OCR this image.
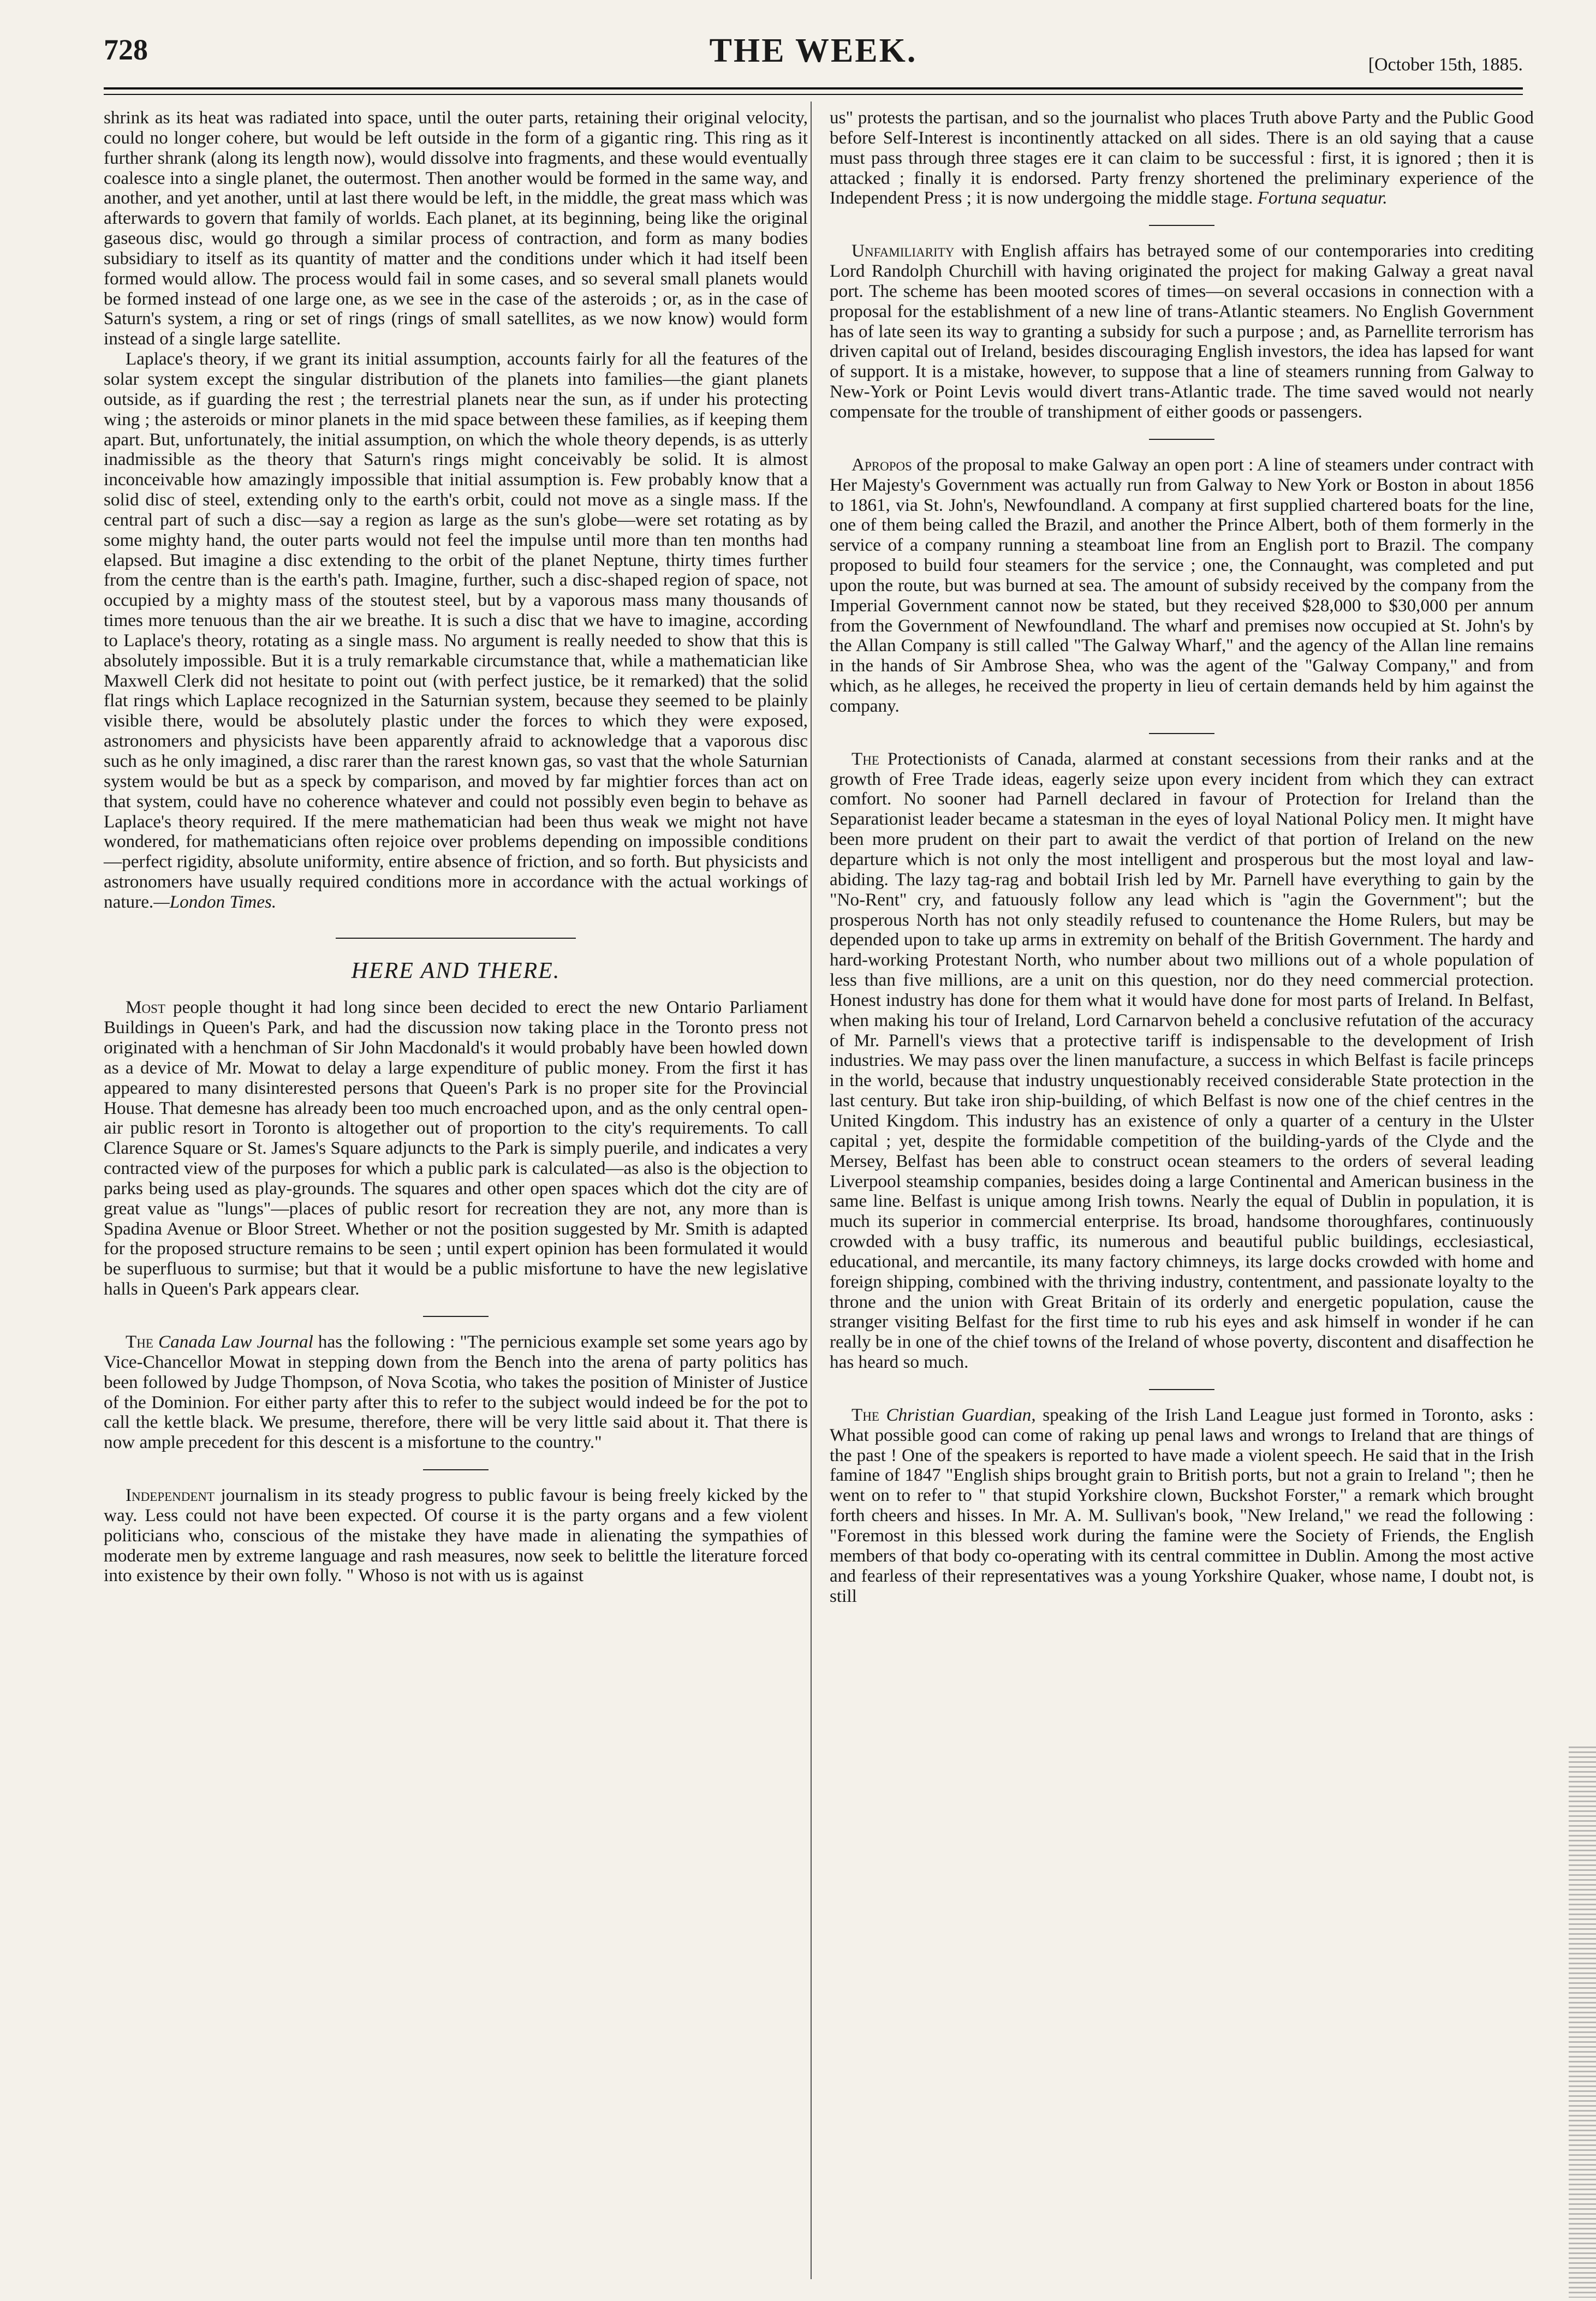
728	THE WEEK.	[October 15th, 1885.

shrink as its heat was radiated into space, until the outer parts, retaining their original velocity, could no longer cohere, but would be left outside in the form of a gigantic ring. This ring as it further shrank (along its length now), would dissolve into fragments, and these would eventually coalesce into a single planet, the outermost. Then another would be formed in the same way, and another, and yet another, until at last there would be left, in the middle, the great mass which was afterwards to govern that family of worlds. Each planet, at its beginning, being like the original gaseous disc, would go through a similar process of contraction, and form as many bodies subsidiary to itself as its quantity of matter and the conditions under which it had itself been formed would allow. The process would fail in some cases, and so several small planets would be formed instead of one large one, as we see in the case of the asteroids ; or, as in the case of Saturn's system, a ring or set of rings (rings of small satellites, as we now know) would form instead of a single large satellite.

Laplace's theory, if we grant its initial assumption, accounts fairly for all the features of the solar system except the singular distribution of the planets into families—the giant planets outside, as if guarding the rest ; the terrestrial planets near the sun, as if under his protecting wing ; the asteroids or minor planets in the mid space between these families, as if keeping them apart. But, unfortunately, the initial assumption, on which the whole theory depends, is as utterly inadmissible as the theory that Saturn's rings might conceivably be solid. It is almost inconceivable how amazingly impossible that initial assumption is. Few probably know that a solid disc of steel, extending only to the earth's orbit, could not move as a single mass. If the central part of such a disc—say a region as large as the sun's globe—were set rotating as by some mighty hand, the outer parts would not feel the impulse until more than ten months had elapsed. But imagine a disc extending to the orbit of the planet Neptune, thirty times further from the centre than is the earth's path. Imagine, further, such a disc-shaped region of space, not occupied by a mighty mass of the stoutest steel, but by a vaporous mass many thousands of times more tenuous than the air we breathe. It is such a disc that we have to imagine, according to Laplace's theory, rotating as a single mass. No argument is really needed to show that this is absolutely impossible. But it is a truly remarkable circumstance that, while a mathematician like Maxwell Clerk did not hesitate to point out (with perfect justice, be it remarked) that the solid flat rings which Laplace recognized in the Saturnian system, because they seemed to be plainly visible there, would be absolutely plastic under the forces to which they were exposed, astronomers and physicists have been apparently afraid to acknowledge that a vaporous disc such as he only imagined, a disc rarer than the rarest known gas, so vast that the whole Saturnian system would be but as a speck by comparison, and moved by far mightier forces than act on that system, could have no coherence whatever and could not possibly even begin to behave as Laplace's theory required. If the mere mathematician had been thus weak we might not have wondered, for mathematicians often rejoice over problems depending on impossible conditions—perfect rigidity, absolute uniformity, entire absence of friction, and so forth. But physicists and astronomers have usually required conditions more in accordance with the actual workings of nature.—London Times.

HERE AND THERE.

Most people thought it had long since been decided to erect the new Ontario Parliament Buildings in Queen's Park, and had the discussion now taking place in the Toronto press not originated with a henchman of Sir John Macdonald's it would probably have been howled down as a device of Mr. Mowat to delay a large expenditure of public money. From the first it has appeared to many disinterested persons that Queen's Park is no proper site for the Provincial House. That demesne has already been too much encroached upon, and as the only central open-air public resort in Toronto is altogether out of proportion to the city's requirements. To call Clarence Square or St. James's Square adjuncts to the Park is simply puerile, and indicates a very contracted view of the purposes for which a public park is calculated—as also is the objection to parks being used as play-grounds. The squares and other open spaces which dot the city are of great value as "lungs"—places of public resort for recreation they are not, any more than is Spadina Avenue or Bloor Street. Whether or not the position suggested by Mr. Smith is adapted for the proposed structure remains to be seen ; until expert opinion has been formulated it would be superfluous to surmise; but that it would be a public misfortune to have the new legislative halls in Queen's Park appears clear.

The Canada Law Journal has the following : "The pernicious example set some years ago by Vice-Chancellor Mowat in stepping down from the Bench into the arena of party politics has been followed by Judge Thompson, of Nova Scotia, who takes the position of Minister of Justice of the Dominion. For either party after this to refer to the subject would indeed be for the pot to call the kettle black. We presume, therefore, there will be very little said about it. That there is now ample precedent for this descent is a misfortune to the country."

Independent journalism in its steady progress to public favour is being freely kicked by the way. Less could not have been expected. Of course it is the party organs and a few violent politicians who, conscious of the mistake they have made in alienating the sympathies of moderate men by extreme language and rash measures, now seek to belittle the literature forced into existence by their own folly. " Whoso is not with us is against

us" protests the partisan, and so the journalist who places Truth above Party and the Public Good before Self-Interest is incontinently attacked on all sides. There is an old saying that a cause must pass through three stages ere it can claim to be successful : first, it is ignored ; then it is attacked ; finally it is endorsed. Party frenzy shortened the preliminary experience of the Independent Press ; it is now undergoing the middle stage. Fortuna sequatur.

Unfamiliarity with English affairs has betrayed some of our contemporaries into crediting Lord Randolph Churchill with having originated the project for making Galway a great naval port. The scheme has been mooted scores of times—on several occasions in connection with a proposal for the establishment of a new line of trans-Atlantic steamers. No English Government has of late seen its way to granting a subsidy for such a purpose ; and, as Parnellite terrorism has driven capital out of Ireland, besides discouraging English investors, the idea has lapsed for want of support. It is a mistake, however, to suppose that a line of steamers running from Galway to New-York or Point Levis would divert trans-Atlantic trade. The time saved would not nearly compensate for the trouble of transhipment of either goods or passengers.

Apropos of the proposal to make Galway an open port : A line of steamers under contract with Her Majesty's Government was actually run from Galway to New York or Boston in about 1856 to 1861, via St. John's, Newfoundland. A company at first supplied chartered boats for the line, one of them being called the Brazil, and another the Prince Albert, both of them formerly in the service of a company running a steamboat line from an English port to Brazil. The company proposed to build four steamers for the service ; one, the Connaught, was completed and put upon the route, but was burned at sea. The amount of subsidy received by the company from the Imperial Government cannot now be stated, but they received $28,000 to $30,000 per annum from the Government of Newfoundland. The wharf and premises now occupied at St. John's by the Allan Company is still called "The Galway Wharf," and the agency of the Allan line remains in the hands of Sir Ambrose Shea, who was the agent of the "Galway Company," and from which, as he alleges, he received the property in lieu of certain demands held by him against the company.

The Protectionists of Canada, alarmed at constant secessions from their ranks and at the growth of Free Trade ideas, eagerly seize upon every incident from which they can extract comfort. No sooner had Parnell declared in favour of Protection for Ireland than the Separationist leader became a statesman in the eyes of loyal National Policy men. It might have been more prudent on their part to await the verdict of that portion of Ireland on the new departure which is not only the most intelligent and prosperous but the most loyal and law-abiding. The lazy tag-rag and bobtail Irish led by Mr. Parnell have everything to gain by the "No-Rent" cry, and fatuously follow any lead which is "agin the Government"; but the prosperous North has not only steadily refused to countenance the Home Rulers, but may be depended upon to take up arms in extremity on behalf of the British Government. The hardy and hard-working Protestant North, who number about two millions out of a whole population of less than five millions, are a unit on this question, nor do they need commercial protection. Honest industry has done for them what it would have done for most parts of Ireland. In Belfast, when making his tour of Ireland, Lord Carnarvon beheld a conclusive refutation of the accuracy of Mr. Parnell's views that a protective tariff is indispensable to the development of Irish industries. We may pass over the linen manufacture, a success in which Belfast is facile princeps in the world, because that industry unquestionably received considerable State protection in the last century. But take iron ship-building, of which Belfast is now one of the chief centres in the United Kingdom. This industry has an existence of only a quarter of a century in the Ulster capital ; yet, despite the formidable competition of the building-yards of the Clyde and the Mersey, Belfast has been able to construct ocean steamers to the orders of several leading Liverpool steamship companies, besides doing a large Continental and American business in the same line. Belfast is unique among Irish towns. Nearly the equal of Dublin in population, it is much its superior in commercial enterprise. Its broad, handsome thoroughfares, continuously crowded with a busy traffic, its numerous and beautiful public buildings, ecclesiastical, educational, and mercantile, its many factory chimneys, its large docks crowded with home and foreign shipping, combined with the thriving industry, contentment, and passionate loyalty to the throne and the union with Great Britain of its orderly and energetic population, cause the stranger visiting Belfast for the first time to rub his eyes and ask himself in wonder if he can really be in one of the chief towns of the Ireland of whose poverty, discontent and disaffection he has heard so much.

The Christian Guardian, speaking of the Irish Land League just formed in Toronto, asks : What possible good can come of raking up penal laws and wrongs to Ireland that are things of the past ! One of the speakers is reported to have made a violent speech. He said that in the Irish famine of 1847 "English ships brought grain to British ports, but not a grain to Ireland "; then he went on to refer to " that stupid Yorkshire clown, Buckshot Forster," a remark which brought forth cheers and hisses. In Mr. A. M. Sullivan's book, "New Ireland," we read the following : "Foremost in this blessed work during the famine were the Society of Friends, the English members of that body co-operating with its central committee in Dublin. Among the most active and fearless of their representatives was a young Yorkshire Quaker, whose name, I doubt not, is still
